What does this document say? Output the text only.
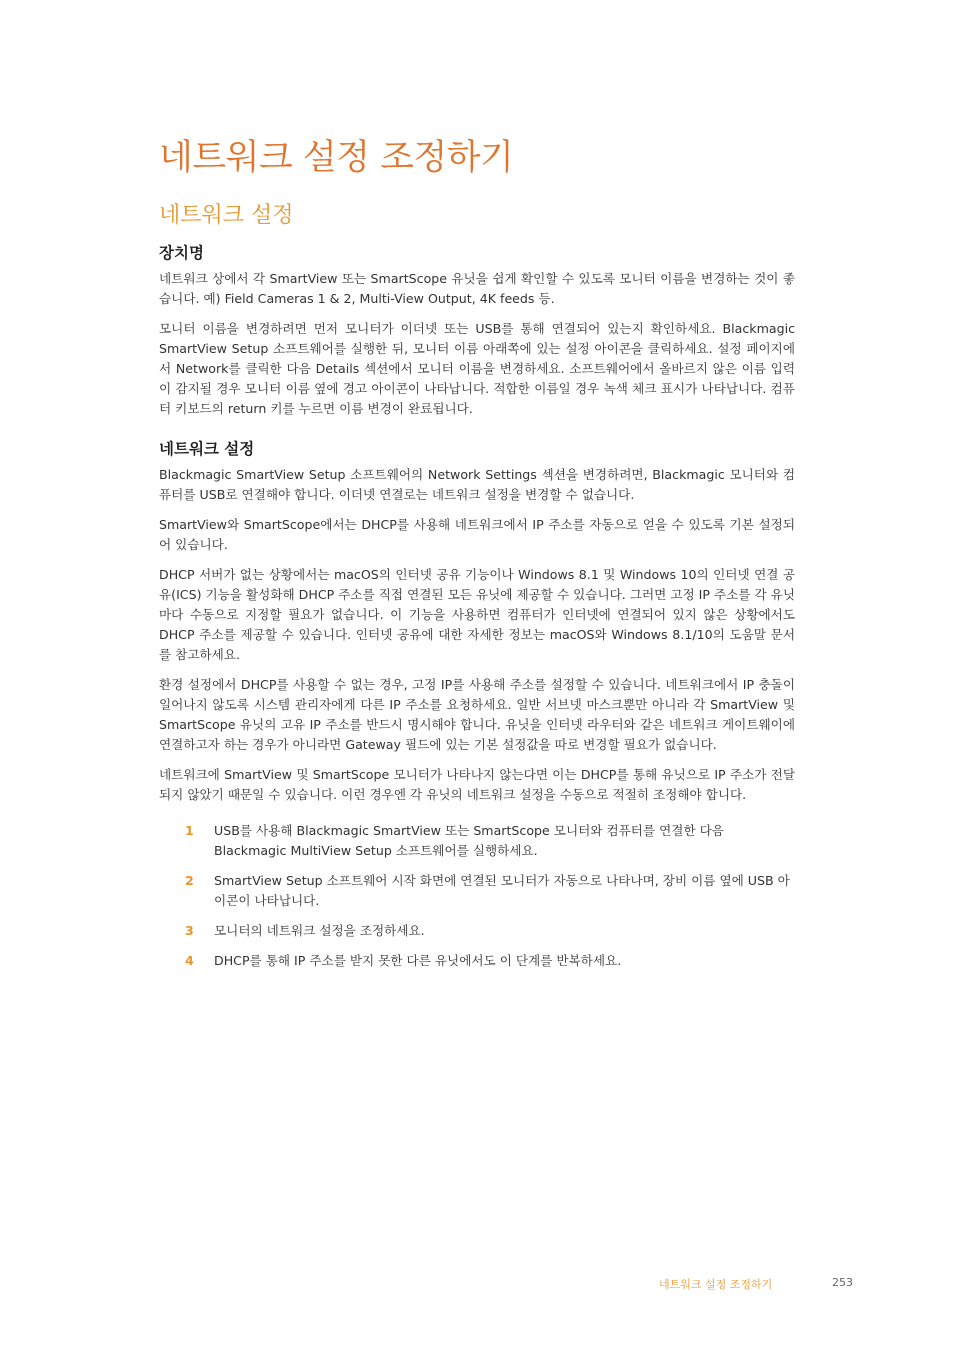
네트워크 설정 조정하기
네트워크 설정
장치명

네트워크 상에서 각 SmartView 또는 SmartScope 유닛을 쉽게 확인할 수 있도록 모니터 이름을 변경하는 것이 좋습니다. 예) Field Cameras 1 & 2, Multi-View Output, 4K feeds 등.

모니터 이름을 변경하려면 먼저 모니터가 이더넷 또는 USB를 통해 연결되어 있는지 확인하세요. Blackmagic SmartView Setup 소프트웨어를 실행한 뒤, 모니터 이름 아래쪽에 있는 설정 아이콘을 클릭하세요. 설정 페이지에서 Network를 클릭한 다음 Details 섹션에서 모니터 이름을 변경하세요. 소프트웨어에서 올바르지 않은 이름 입력이 감지될 경우 모니터 이름 옆에 경고 아이콘이 나타납니다. 적합한 이름일 경우 녹색 체크 표시가 나타납니다. 컴퓨터 키보드의 return 키를 누르면 이름 변경이 완료됩니다.

네트워크 설정

Blackmagic SmartView Setup 소프트웨어의 Network Settings 섹션을 변경하려면, Blackmagic 모니터와 컴퓨터를 USB로 연결해야 합니다. 이더넷 연결로는 네트워크 설정을 변경할 수 없습니다.

SmartView와 SmartScope에서는 DHCP를 사용해 네트워크에서 IP 주소를 자동으로 얻을 수 있도록 기본 설정되어 있습니다.

DHCP 서버가 없는 상황에서는 macOS의 인터넷 공유 기능이나 Windows 8.1 및 Windows 10의 인터넷 연결 공유(ICS) 기능을 활성화해 DHCP 주소를 직접 연결된 모든 유닛에 제공할 수 있습니다. 그러면 고정 IP 주소를 각 유닛마다 수동으로 지정할 필요가 없습니다. 이 기능을 사용하면 컴퓨터가 인터넷에 연결되어 있지 않은 상황에서도 DHCP 주소를 제공할 수 있습니다. 인터넷 공유에 대한 자세한 정보는 macOS와 Windows 8.1/10의 도움말 문서를 참고하세요.

환경 설정에서 DHCP를 사용할 수 없는 경우, 고정 IP를 사용해 주소를 설정할 수 있습니다. 네트워크에서 IP 충돌이 일어나지 않도록 시스템 관리자에게 다른 IP 주소를 요청하세요. 일반 서브넷 마스크뿐만 아니라 각 SmartView 및 SmartScope 유닛의 고유 IP 주소를 반드시 명시해야 합니다. 유닛을 인터넷 라우터와 같은 네트워크 게이트웨이에 연결하고자 하는 경우가 아니라면 Gateway 필드에 있는 기본 설정값을 따로 변경할 필요가 없습니다.

네트워크에 SmartView 및 SmartScope 모니터가 나타나지 않는다면 이는 DHCP를 통해 유닛으로 IP 주소가 전달되지 않았기 때문일 수 있습니다. 이런 경우엔 각 유닛의 네트워크 설정을 수동으로 적절히 조정해야 합니다.

1	USB를 사용해 Blackmagic SmartView 또는 SmartScope 모니터와 컴퓨터를 연결한 다음 Blackmagic MultiView Setup 소프트웨어를 실행하세요.
2	SmartView Setup 소프트웨어 시작 화면에 연결된 모니터가 자동으로 나타나며, 장비 이름 옆에 USB 아이콘이 나타납니다.
3	모니터의 네트워크 설정을 조정하세요.
4	DHCP를 통해 IP 주소를 받지 못한 다른 유닛에서도 이 단계를 반복하세요.
네트워크 설정 조정하기	253
